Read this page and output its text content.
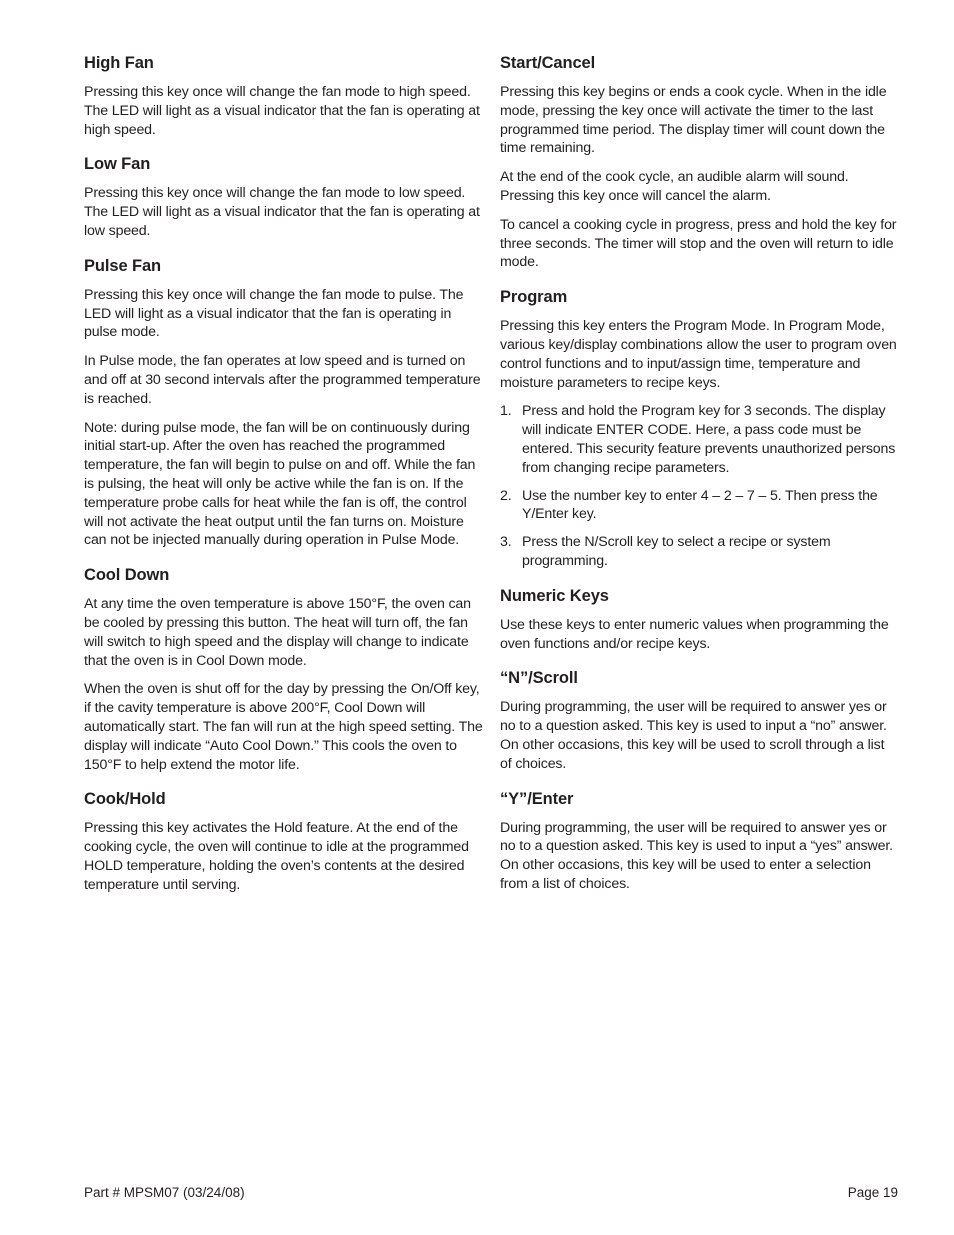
High Fan

Pressing this key once will change the fan mode to high speed. The LED will light as a visual indicator that the fan is operating at high speed.

Low Fan

Pressing this key once will change the fan mode to low speed. The LED will light as a visual indicator that the fan is operating at low speed.

Pulse Fan

Pressing this key once will change the fan mode to pulse. The LED will light as a visual indicator that the fan is operating in pulse mode.

In Pulse mode, the fan operates at low speed and is turned on and off at 30 second intervals after the programmed temperature is reached.

Note: during pulse mode, the fan will be on continuously during initial start-up. After the oven has reached the programmed temperature, the fan will begin to pulse on and off. While the fan is pulsing, the heat will only be active while the fan is on. If the temperature probe calls for heat while the fan is off, the control will not activate the heat output until the fan turns on. Moisture can not be injected manually during operation in Pulse Mode.

Cool Down

At any time the oven temperature is above 150°F, the oven can be cooled by pressing this button. The heat will turn off, the fan will switch to high speed and the display will change to indicate that the oven is in Cool Down mode.

When the oven is shut off for the day by pressing the On/Off key, if the cavity temperature is above 200°F, Cool Down will automatically start. The fan will run at the high speed setting. The display will indicate “Auto Cool Down.” This cools the oven to 150°F to help extend the motor life.

Cook/Hold

Pressing this key activates the Hold feature. At the end of the cooking cycle, the oven will continue to idle at the programmed HOLD temperature, holding the oven’s contents at the desired temperature until serving.

Start/Cancel

Pressing this key begins or ends a cook cycle. When in the idle mode, pressing the key once will activate the timer to the last programmed time period. The display timer will count down the time remaining.

At the end of the cook cycle, an audible alarm will sound. Pressing this key once will cancel the alarm.

To cancel a cooking cycle in progress, press and hold the key for three seconds. The timer will stop and the oven will return to idle mode.

Program

Pressing this key enters the Program Mode. In Program Mode, various key/display combinations allow the user to program oven control functions and to input/assign time, temperature and moisture parameters to recipe keys.

1. Press and hold the Program key for 3 seconds. The display will indicate ENTER CODE. Here, a pass code must be entered. This security feature prevents unauthorized persons from changing recipe parameters.
2. Use the number key to enter 4 – 2 – 7 – 5. Then press the Y/Enter key.
3. Press the N/Scroll key to select a recipe or system programming.
Numeric Keys

Use these keys to enter numeric values when programming the oven functions and/or recipe keys.

“N”/Scroll

During programming, the user will be required to answer yes or no to a question asked. This key is used to input a “no” answer. On other occasions, this key will be used to scroll through a list of choices.

“Y”/Enter

During programming, the user will be required to answer yes or no to a question asked. This key is used to input a “yes” answer. On other occasions, this key will be used to enter a selection from a list of choices.

Part # MPSM07 (03/24/08)	Page 19
